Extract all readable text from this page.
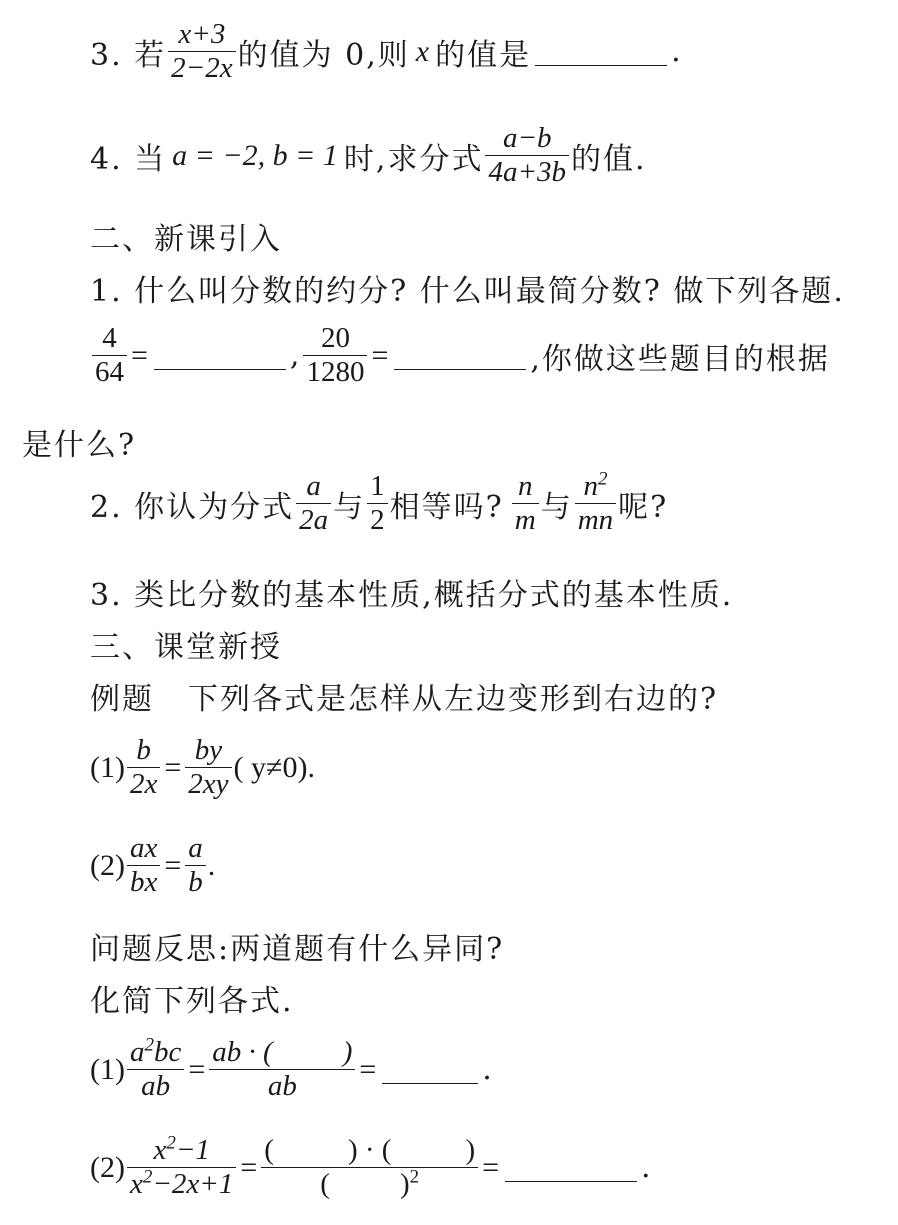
3. 若 $\frac{x+3}{2-2x}$ 的值为 0,则 x 的值是	.
4. 当 a = −2, b = 1 时,求分式 $\frac{a-b}{4a+3b}$ 的值.
二、新课引入
1. 什么叫分数的约分? 什么叫最简分数? 做下列各题.
$\frac{4}{64}$ =	, $\frac{20}{1280}$ =	,你做这些题目的根据
是什么?
2. 你认为分式 $\frac{a}{2a}$ 与 $\frac{1}{2}$ 相等吗? $\frac{n}{m}$ 与 $\frac{n^2}{mn}$ 呢?
3. 类比分数的基本性质,概括分式的基本性质.
三、课堂新授
例题 下列各式是怎样从左边变形到右边的?
$(1) \frac{b}{2x} = \frac{by}{2xy}$ ( y≠0).
$(2) \frac{ax}{bx} = \frac{a}{b}$ .
问题反思:两道题有什么异同?
化简下列各式.
$(1) \frac{a^2bc}{ab} = \frac{ab \cdot ( )}{ab}$ =	.
$(2) \frac{x^2-1}{x^2-2x+1}$ = (	) · (	)
( )$^2$ =	.
